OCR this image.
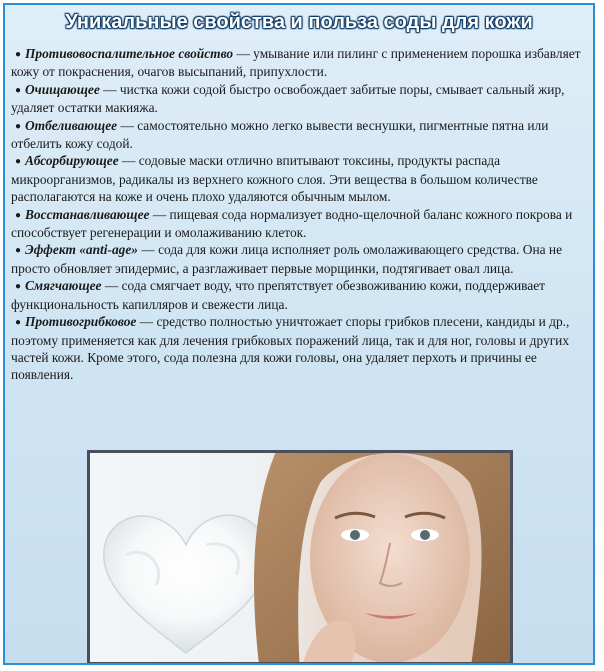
Уникальные свойства и польза соды для кожи
● Противовоспалительное свойство — умывание или пилинг с применением порошка избавляет кожу от покраснения, очагов высыпаний, припухлости.
● Очищающее — чистка кожи содой быстро освобождает забитые поры, смывает сальный жир, удаляет остатки макияжа.
● Отбеливающее — самостоятельно можно легко вывести веснушки, пигментные пятна или отбелить кожу содой.
● Абсорбирующее — содовые маски отлично впитывают токсины, продукты распада микроорганизмов, радикалы из верхнего кожного слоя. Эти вещества в большом количестве располагаются на коже и очень плохо удаляются обычным мылом.
● Восстанавливающее — пищевая сода нормализует водно-щелочной баланс кожного покрова и способствует регенерации и омолаживанию клеток.
● Эффект «anti-age» — сода для кожи лица исполняет роль омолаживающего средства. Она не просто обновляет эпидермис, а разглаживает первые морщинки, подтягивает овал лица.
● Смягчающее — сода смягчает воду, что препятствует обезвоживанию кожи, поддерживает функциональность капилляров и свежести лица.
● Противогрибковое — средство полностью уничтожает споры грибков плесени, кандиды и др., поэтому применяется как для лечения грибковых поражений лица, так и для ног, головы и других частей кожи. Кроме этого, сода полезна для кожи головы, она удаляет перхоть и причины ее появления.
